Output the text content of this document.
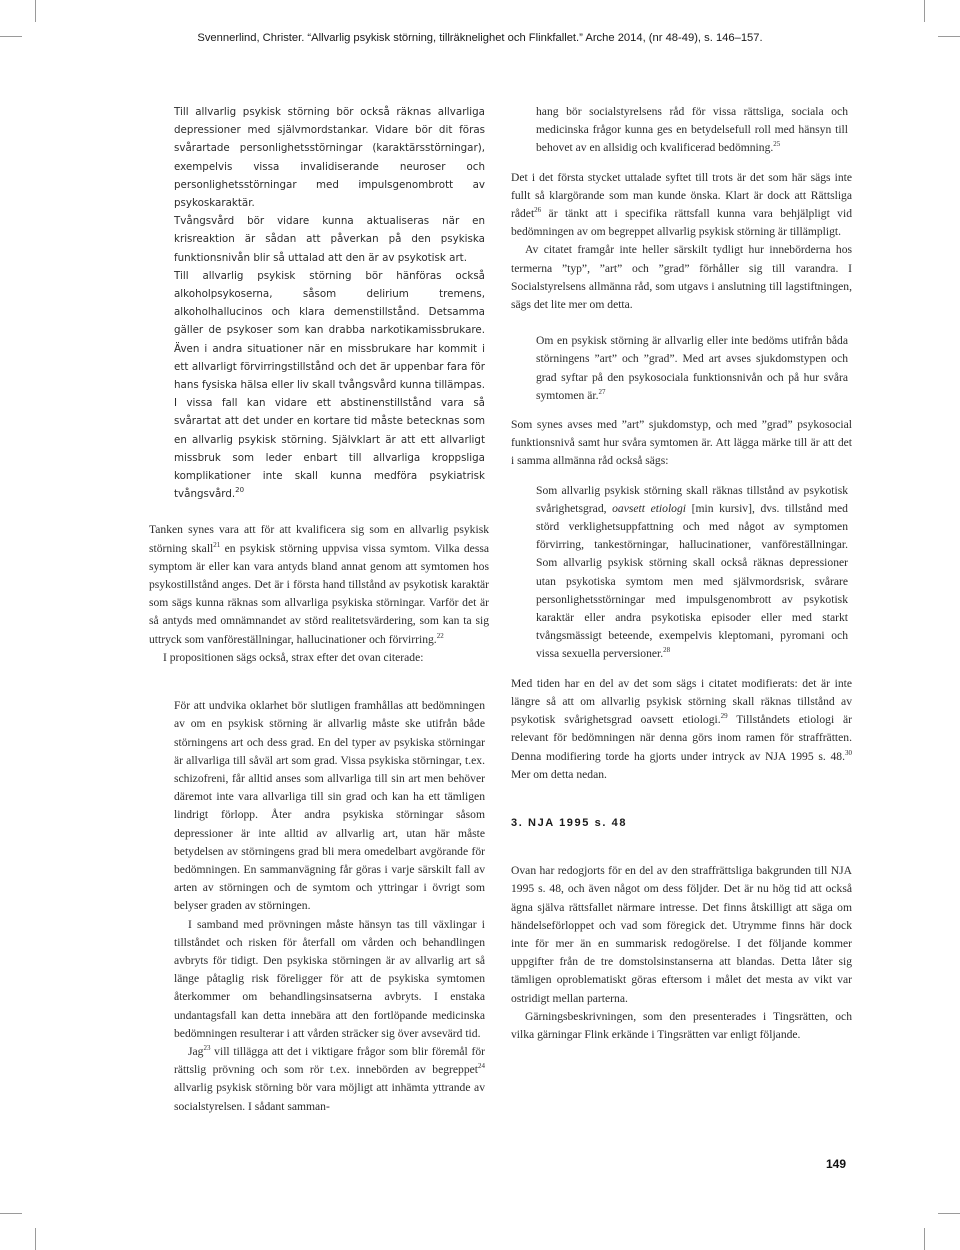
Svennerlind, Christer. “Allvarlig psykisk störning, tillräknelighet och Flinkfallet.” Arche 2014, (nr 48-49), s. 146–157.

Till allvarlig psykisk störning bör också räknas allvarliga depressioner med självmordstankar. Vidare bör dit föras svårartade personlighetsstörningar (karaktärsstörningar), exempelvis vissa invalidiserande neuroser och personlighetsstörningar med impulsgenombrott av psykoskaraktär.

Tvångsvård bör vidare kunna aktualiseras när en krisreaktion är sådan att påverkan på den psykiska funktionsnivån blir så uttalad att den är av psykotisk art.

Till allvarlig psykisk störning bör hänföras också alkoholpsykoserna, såsom delirium tremens, alkoholhallucinos och klara demenstillstånd. Detsamma gäller de psykoser som kan drabba narkotikamissbrukare. Även i andra situationer när en missbrukare har kommit i ett allvarligt förvirringstillstånd och det är uppenbar fara för hans fysiska hälsa eller liv skall tvångsvård kunna tillämpas. I vissa fall kan vidare ett abstinenstillstånd vara så svårartat att det under en kortare tid måste betecknas som en allvarlig psykisk störning. Självklart är att ett allvarligt missbruk som leder enbart till allvarliga kroppsliga komplikationer inte skall kunna medföra psykiatrisk tvångsvård.$^{20}$

Tanken synes vara att för att kvalificera sig som en allvarlig psykisk störning skall$^{21}$ en psykisk störning uppvisa vissa symtom. Vilka dessa symptom är eller kan vara antyds bland annat genom att symtomen hos psykostillstånd anges. Det är i första hand tillstånd av psykotisk karaktär som sägs kunna räknas som allvarliga psykiska störningar. Varför det är så antyds med omnämnandet av störd realitetsvärdering, som kan ta sig uttryck som vanföreställningar, hallucinationer och förvirring.$^{22}$

I propositionen sägs också, strax efter det ovan citerade:

För att undvika oklarhet bör slutligen framhållas att bedömningen av om en psykisk störning är allvarlig måste ske utifrån både störningens art och dess grad. En del typer av psykiska störningar är allvarliga till såväl art som grad. Vissa psykiska störningar, t.ex. schizofreni, får alltid anses som allvarliga till sin art men behöver däremot inte vara allvarliga till sin grad och kan ha ett tämligen lindrigt förlopp. Åter andra psykiska störningar såsom depressioner är inte alltid av allvarlig art, utan här måste betydelsen av störningens grad bli mera omedelbart avgörande för bedömningen. En sammanvägning får göras i varje särskilt fall av arten av störningen och de symtom och yttringar i övrigt som belyser graden av störningen.

I samband med prövningen måste hänsyn tas till växlingar i tillståndet och risken för återfall om vården och behandlingen avbryts för tidigt. Den psykiska störningen är av allvarlig art så länge påtaglig risk föreligger för att de psykiska symtomen återkommer om behandlingsinsatserna avbryts. I enstaka undantagsfall kan detta innebära att den fortlöpande medicinska bedömningen resulterar i att vården sträcker sig över avsevärd tid.

Jag$^{23}$ vill tillägga att det i viktigare frågor som blir föremål för rättslig prövning och som rör t.ex. innebörden av begreppet$^{24}$ allvarlig psykisk störning bör vara möjligt att inhämta yttrande av socialstyrelsen. I sådant samman-

hang bör socialstyrelsens råd för vissa rättsliga, sociala och medicinska frågor kunna ges en betydelsefull roll med hänsyn till behovet av en allsidig och kvalificerad bedömning.$^{25}$

Det i det första stycket uttalade syftet till trots är det som här sägs inte fullt så klargörande som man kunde önska. Klart är dock att Rättsliga rådet$^{26}$ är tänkt att i specifika rättsfall kunna vara behjälpligt vid bedömningen av om begreppet allvarlig psykisk störning är tillämpligt.

Av citatet framgår inte heller särskilt tydligt hur innebörderna hos termerna ”typ”, ”art” och ”grad” förhåller sig till varandra. I Socialstyrelsens allmänna råd, som utgavs i anslutning till lagstiftningen, sägs det lite mer om detta.

Om en psykisk störning är allvarlig eller inte bedöms utifrån båda störningens ”art” och ”grad”. Med art avses sjukdomstypen och grad syftar på den psykosociala funktionsnivån och på hur svåra symtomen är.$^{27}$

Som synes avses med ”art” sjukdomstyp, och med ”grad” psykosocial funktionsnivå samt hur svåra symtomen är. Att lägga märke till är att det i samma allmänna råd också sägs:

Som allvarlig psykisk störning skall räknas tillstånd av psykotisk svårighetsgrad, oavsett etiologi [min kursiv], dvs. tillstånd med störd verklighetsuppfattning och med något av symptomen förvirring, tankestörningar, hallucinationer, vanföreställningar. Som allvarlig psykisk störning skall också räknas depressioner utan psykotiska symtom men med självmordsrisk, svårare personlighetsstörningar med impulsgenombrott av psykotisk karaktär eller andra psykotiska episoder eller med starkt tvångsmässigt beteende, exempelvis kleptomani, pyromani och vissa sexuella perversioner.$^{28}$

Med tiden har en del av det som sägs i citatet modifierats: det är inte längre så att om allvarlig psykisk störning skall räknas tillstånd av psykotisk svårighetsgrad oavsett etiologi.$^{29}$ Tillståndets etiologi är relevant för bedömningen när denna görs inom ramen för straffrätten. Denna modifiering torde ha gjorts under intryck av NJA 1995 s. 48.30 Mer om detta nedan.

3. NJA 1995 s. 48

Ovan har redogjorts för en del av den straffrättsliga bakgrunden till NJA 1995 s. 48, och även något om dess följder. Det är nu hög tid att också ägna själva rättsfallet närmare intresse. Det finns åtskilligt att säga om händelseförloppet och vad som föregick det. Utrymme finns här dock inte för mer än en summarisk redogörelse. I det följande kommer uppgifter från de tre domstolsinstanserna att blandas. Detta låter sig tämligen oproblematiskt göras eftersom i målet det mesta av vikt var ostridigt mellan parterna.

Gärningsbeskrivningen, som den presenterades i Tingsrätten, och vilka gärningar Flink erkände i Tingsrätten var enligt följande.

149
